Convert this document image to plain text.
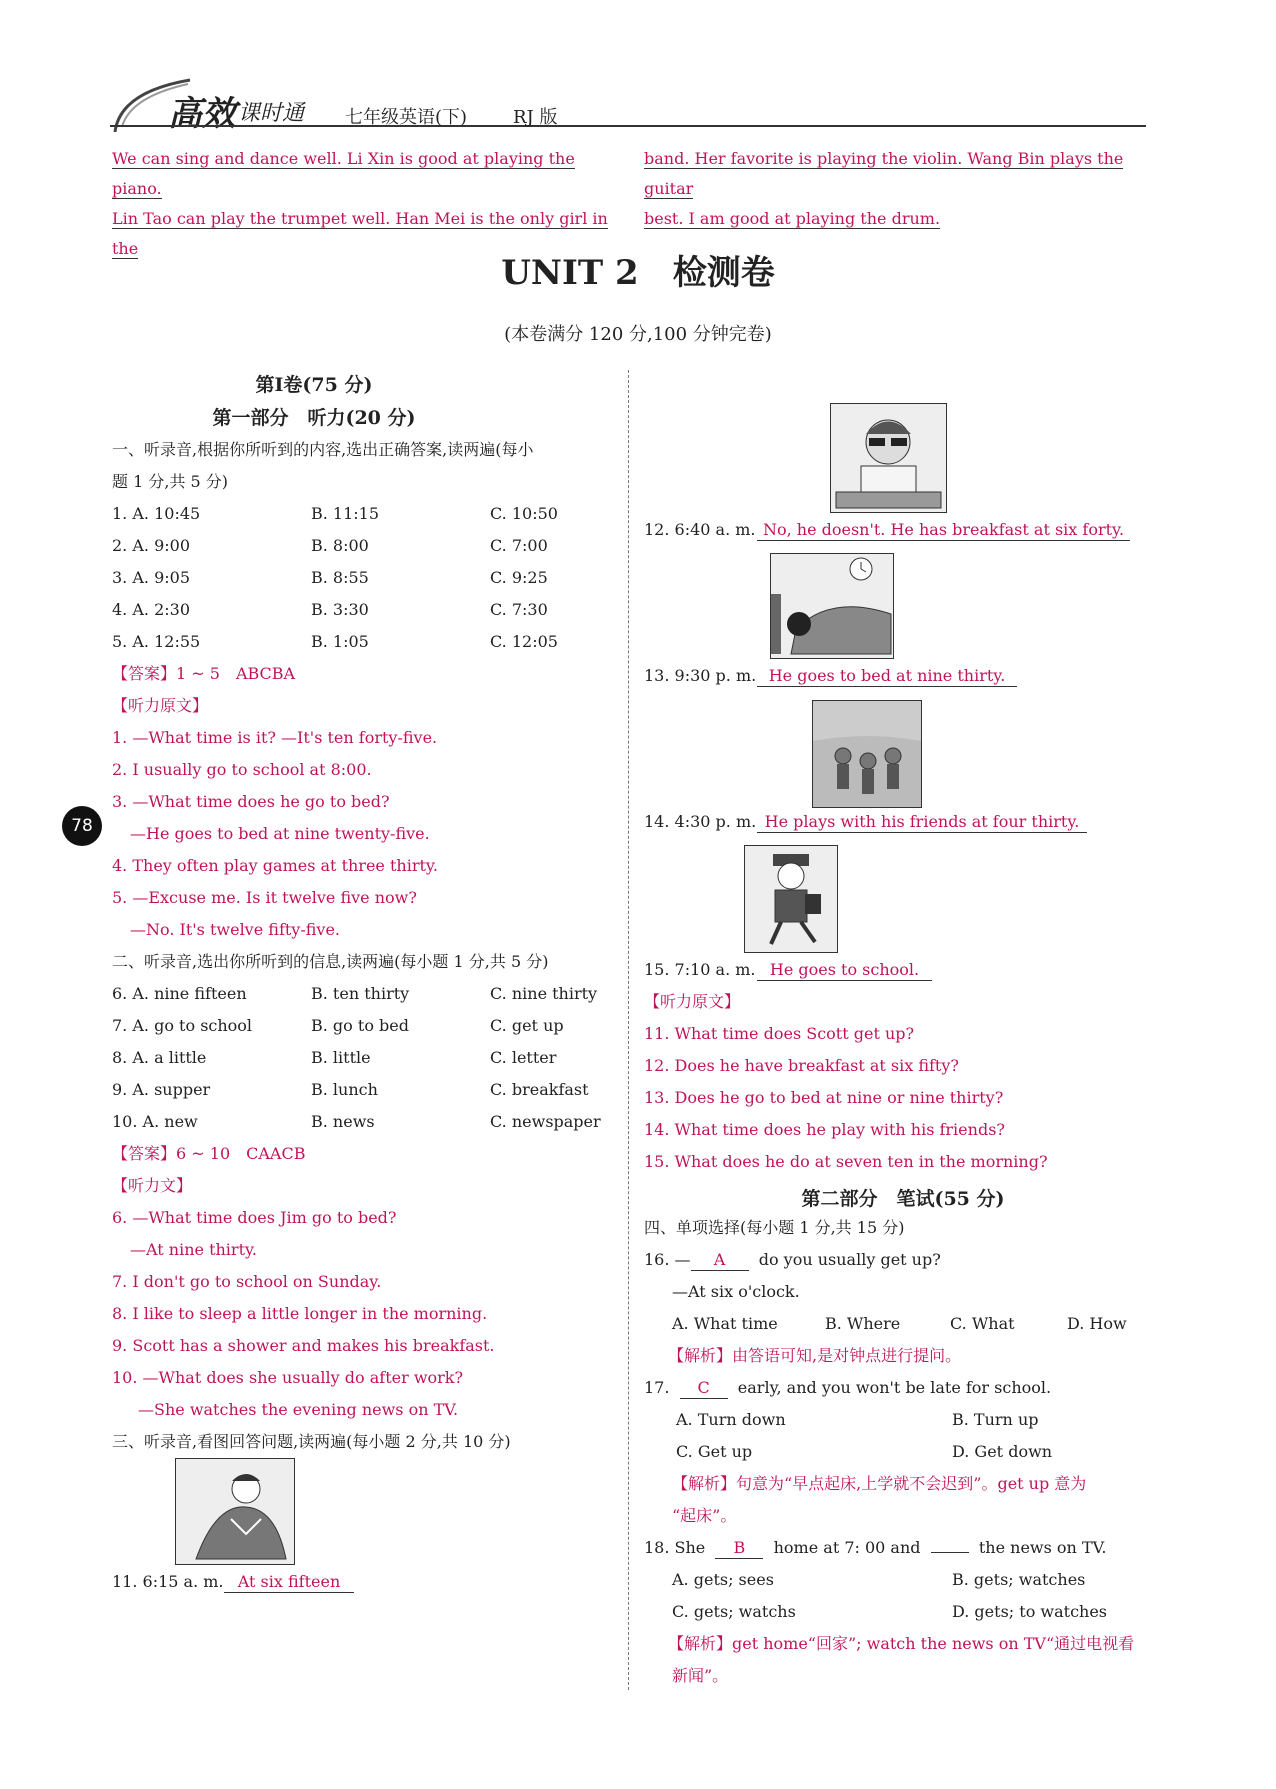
高效 课时通 七年级英语(下)	RJ 版
We can sing and dance well. Li Xin is good at playing the piano.
Lin Tao can play the trumpet well. Han Mei is the only girl in the
band. Her favorite is playing the violin. Wang Bin plays the guitar
best. I am good at playing the drum.
UNIT 2　检测卷
(本卷满分 120 分,100 分钟完卷)
78
第Ⅰ卷(75 分)
第一部分　听力(20 分)
一、听录音,根据你所听到的内容,选出正确答案,读两遍(每小
题 1 分,共 5 分)
1. A. 10:45	B. 11:15	C. 10:50
2. A. 9:00	B. 8:00	C. 7:00
3. A. 9:05	B. 8:55	C. 9:25
4. A. 2:30	B. 3:30	C. 7:30
5. A. 12:55	B. 1:05	C. 12:05
【答案】1 ~ 5　ABCBA
【听力原文】
1. —What time is it? —It's ten forty-five.
2. I usually go to school at 8:00.
3. —What time does he go to bed?
—He goes to bed at nine twenty-five.
4. They often play games at three thirty.
5. —Excuse me. Is it twelve five now?
—No. It's twelve fifty-five.
二、听录音,选出你所听到的信息,读两遍(每小题 1 分,共 5 分)
6. A. nine fifteen	B. ten thirty	C. nine thirty
7. A. go to school	B. go to bed	C. get up
8. A. a little	B. little	C. letter
9. A. supper	B. lunch	C. breakfast
10. A. new	B. news	C. newspaper
【答案】6 ~ 10　CAACB
【听力文】
6. —What time does Jim go to bed?
—At nine thirty.
7. I don't go to school on Sunday.
8. I like to sleep a little longer in the morning.
9. Scott has a shower and makes his breakfast.
10. —What does she usually do after work?
—She watches the evening news on TV.
三、听录音,看图回答问题,读两遍(每小题 2 分,共 10 分)
11. 6:15 a. m. At six fifteen
12. 6:40 a. m. No, he doesn't. He has breakfast at six forty.
13. 9:30 p. m. He goes to bed at nine thirty.
14. 4:30 p. m. He plays with his friends at four thirty.
15. 7:10 a. m. He goes to school.
【听力原文】
11. What time does Scott get up?
12. Does he have breakfast at six fifty?
13. Does he go to bed at nine or nine thirty?
14. What time does he play with his friends?
15. What does he do at seven ten in the morning?
第二部分　笔试(55 分)
四、单项选择(每小题 1 分,共 15 分)
16. — A do you usually get up?
—At six o'clock.
A. What time	B. Where	C. What	D. How
【解析】由答语可知,是对钟点进行提问。
17. C early, and you won't be late for school.
A. Turn down	B. Turn up
C. Get up	D. Get down
【解析】句意为“早点起床,上学就不会迟到”。get up 意为
“起床”。
18. She B home at 7: 00 and	the news on TV.
A. gets; sees	B. gets; watches
C. gets; watchs	D. gets; to watches
【解析】get home“回家”; watch the news on TV“通过电视看
新闻”。
